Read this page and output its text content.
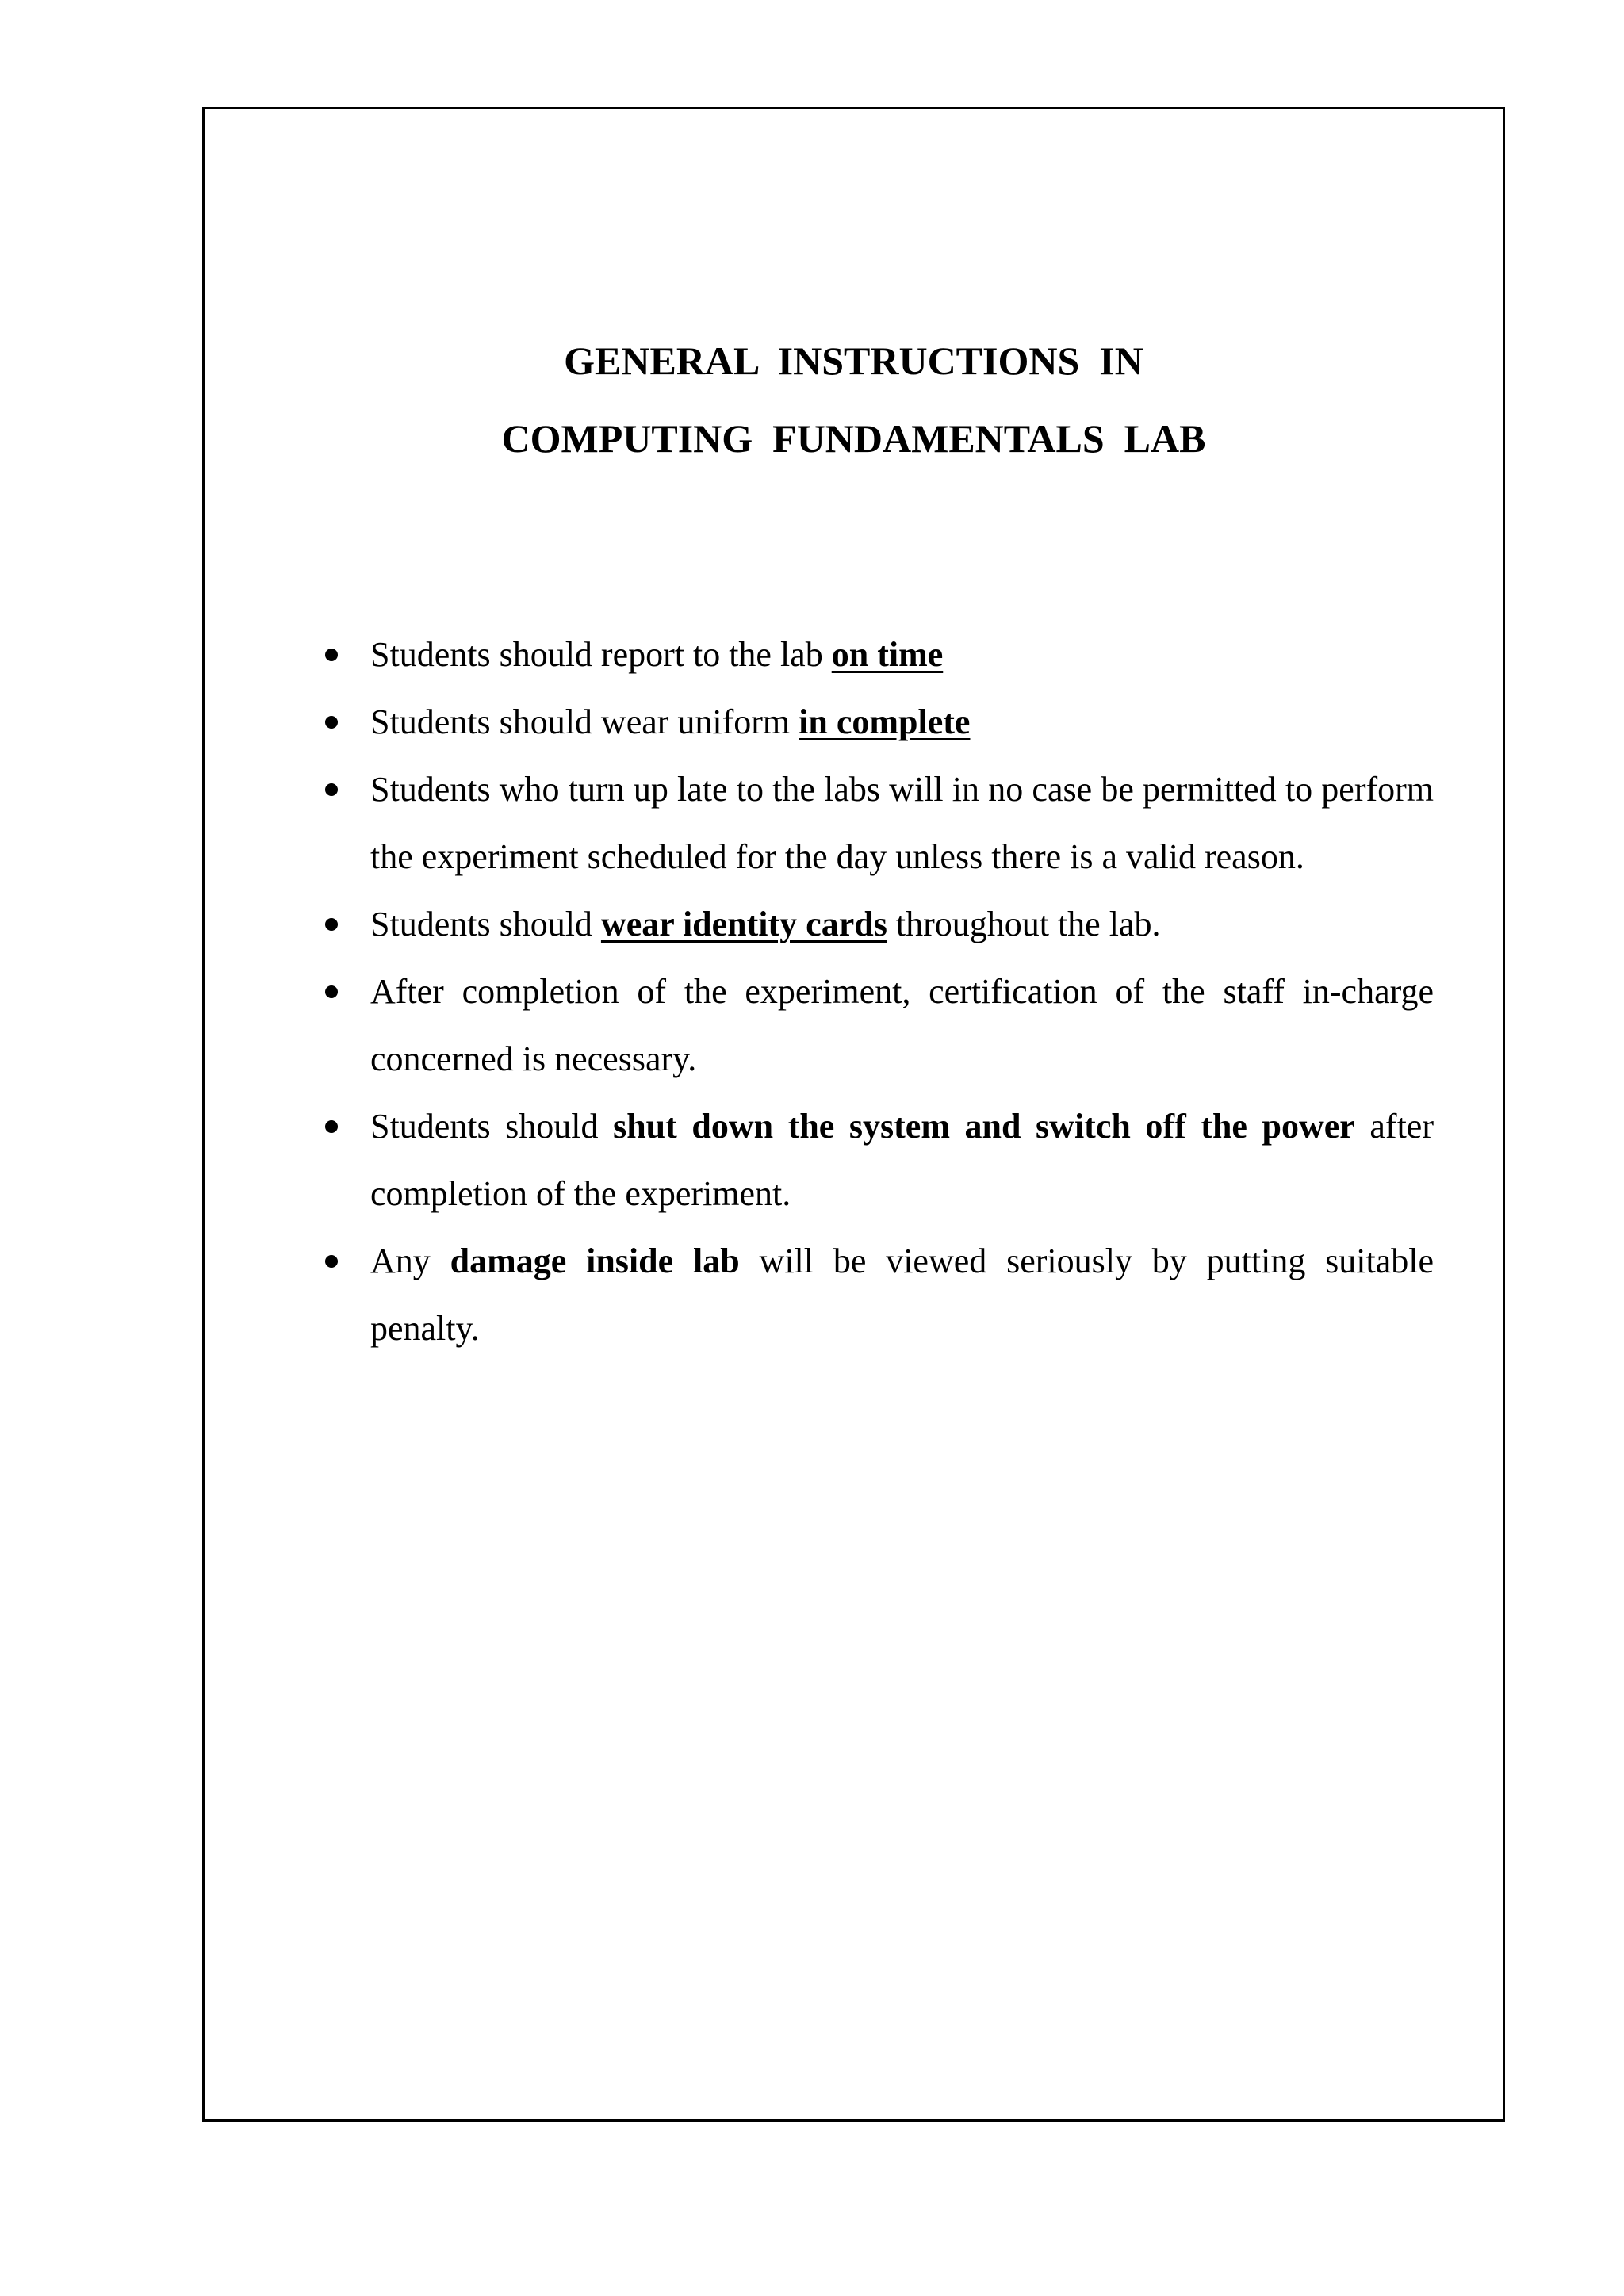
GENERAL  INSTRUCTIONS  IN
COMPUTING  FUNDAMENTALS  LAB
Students should report to the lab on time
Students should wear uniform in complete
Students who turn up late to the labs will in no case be permitted to perform the experiment scheduled for the day unless there is a valid reason.
Students should wear identity cards throughout the lab.
After completion of the experiment, certification of the staff in-charge concerned is necessary.
Students should shut down the system and switch off the power after completion of the experiment.
Any damage inside lab will be viewed seriously by putting suitable penalty.
